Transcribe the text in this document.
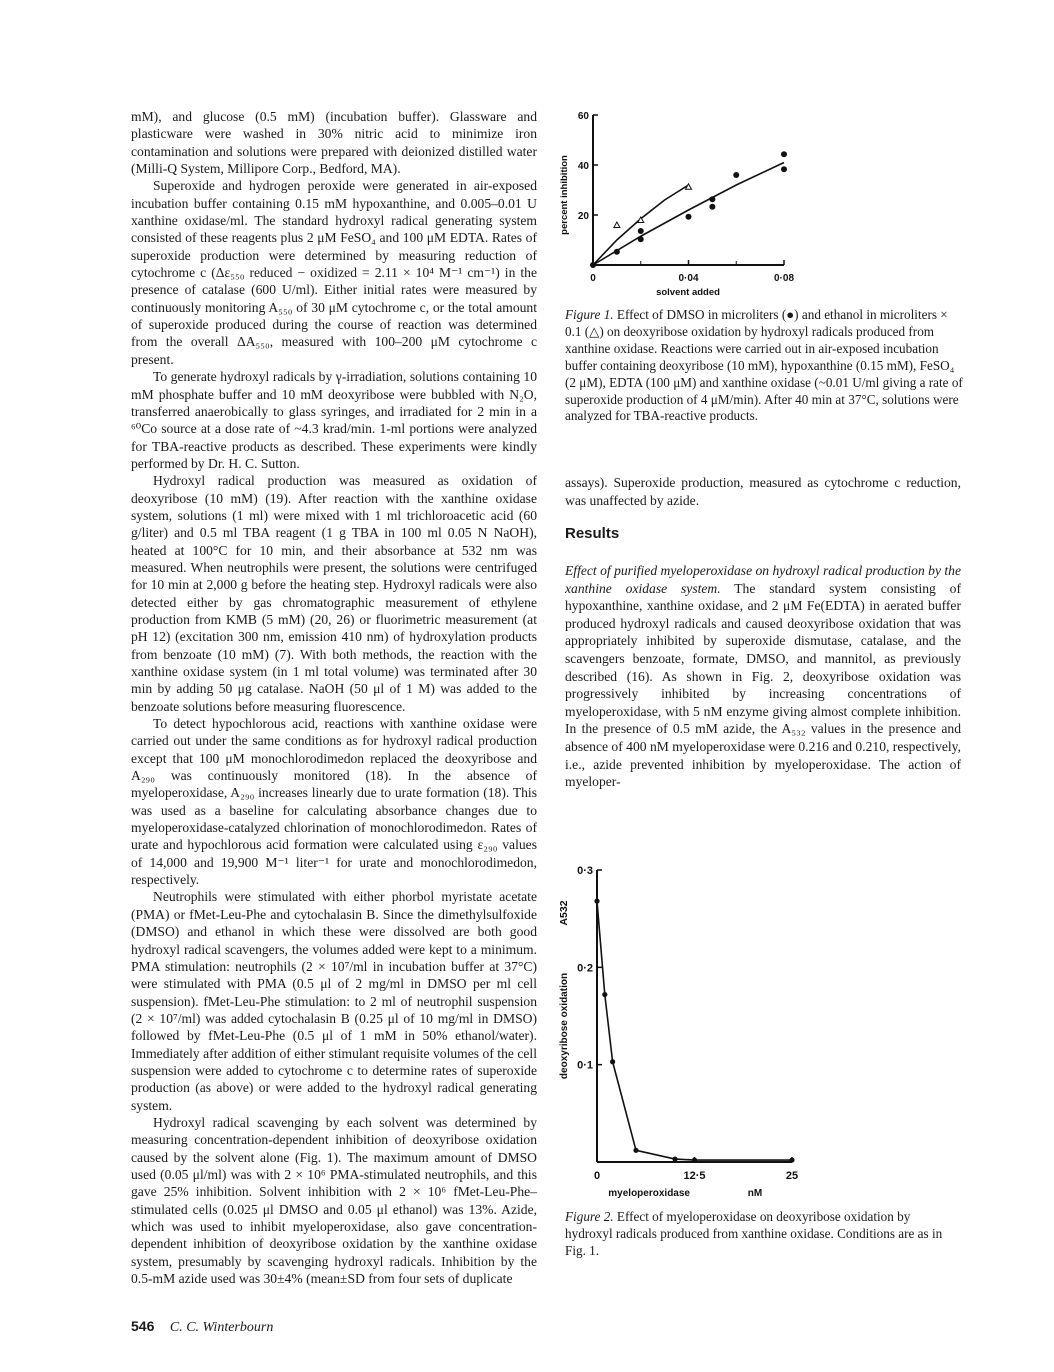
mM), and glucose (0.5 mM) (incubation buffer). Glassware and plasticware were washed in 30% nitric acid to minimize iron contamination and solutions were prepared with deionized distilled water (Milli-Q System, Millipore Corp., Bedford, MA).

Superoxide and hydrogen peroxide were generated in air-exposed incubation buffer containing 0.15 mM hypoxanthine, and 0.005–0.01 U xanthine oxidase/ml. The standard hydroxyl radical generating system consisted of these reagents plus 2 μM FeSO₄ and 100 μM EDTA. Rates of superoxide production were determined by measuring reduction of cytochrome c (Δε₅₅₀ reduced − oxidized = 2.11 × 10⁴ M⁻¹ cm⁻¹) in the presence of catalase (600 U/ml). Either initial rates were measured by continuously monitoring A₅₅₀ of 30 μM cytochrome c, or the total amount of superoxide produced during the course of reaction was determined from the overall ΔA₅₅₀, measured with 100–200 μM cytochrome c present.

To generate hydroxyl radicals by γ-irradiation, solutions containing 10 mM phosphate buffer and 10 mM deoxyribose were bubbled with N₂O, transferred anaerobically to glass syringes, and irradiated for 2 min in a ⁶⁰Co source at a dose rate of ~4.3 krad/min. 1-ml portions were analyzed for TBA-reactive products as described. These experiments were kindly performed by Dr. H. C. Sutton.

Hydroxyl radical production was measured as oxidation of deoxyribose (10 mM) (19). After reaction with the xanthine oxidase system, solutions (1 ml) were mixed with 1 ml trichloroacetic acid (60 g/liter) and 0.5 ml TBA reagent (1 g TBA in 100 ml 0.05 N NaOH), heated at 100°C for 10 min, and their absorbance at 532 nm was measured. When neutrophils were present, the solutions were centrifuged for 10 min at 2,000 g before the heating step. Hydroxyl radicals were also detected either by gas chromatographic measurement of ethylene production from KMB (5 mM) (20, 26) or fluorimetric measurement (at pH 12) (excitation 300 nm, emission 410 nm) of hydroxylation products from benzoate (10 mM) (7). With both methods, the reaction with the xanthine oxidase system (in 1 ml total volume) was terminated after 30 min by adding 50 μg catalase. NaOH (50 μl of 1 M) was added to the benzoate solutions before measuring fluorescence.

To detect hypochlorous acid, reactions with xanthine oxidase were carried out under the same conditions as for hydroxyl radical production except that 100 μM monochlorodimedon replaced the deoxyribose and A₂₉₀ was continuously monitored (18). In the absence of myeloperoxidase, A₂₉₀ increases linearly due to urate formation (18). This was used as a baseline for calculating absorbance changes due to myeloperoxidase-catalyzed chlorination of monochlorodimedon. Rates of urate and hypochlorous acid formation were calculated using ε₂₉₀ values of 14,000 and 19,900 M⁻¹ liter⁻¹ for urate and monochlorodimedon, respectively.

Neutrophils were stimulated with either phorbol myristate acetate (PMA) or fMet-Leu-Phe and cytochalasin B. Since the dimethylsulfoxide (DMSO) and ethanol in which these were dissolved are both good hydroxyl radical scavengers, the volumes added were kept to a minimum. PMA stimulation: neutrophils (2 × 10⁷/ml in incubation buffer at 37°C) were stimulated with PMA (0.5 μl of 2 mg/ml in DMSO per ml cell suspension). fMet-Leu-Phe stimulation: to 2 ml of neutrophil suspension (2 × 10⁷/ml) was added cytochalasin B (0.25 μl of 10 mg/ml in DMSO) followed by fMet-Leu-Phe (0.5 μl of 1 mM in 50% ethanol/water). Immediately after addition of either stimulant requisite volumes of the cell suspension were added to cytochrome c to determine rates of superoxide production (as above) or were added to the hydroxyl radical generating system.

Hydroxyl radical scavenging by each solvent was determined by measuring concentration-dependent inhibition of deoxyribose oxidation caused by the solvent alone (Fig. 1). The maximum amount of DMSO used (0.05 μl/ml) was with 2 × 10⁶ PMA-stimulated neutrophils, and this gave 25% inhibition. Solvent inhibition with 2 × 10⁶ fMet-Leu-Phe–stimulated cells (0.025 μl DMSO and 0.05 μl ethanol) was 13%. Azide, which was used to inhibit myeloperoxidase, also gave concentration-dependent inhibition of deoxyribose oxidation by the xanthine oxidase system, presumably by scavenging hydroxyl radicals. Inhibition by the 0.5-mM azide used was 30±4% (mean±SD from four sets of duplicate

546 C. C. Winterbourn
20
40
60
0	0·04	0·08
solvent added
percent inhibition
Figure 1. Effect of DMSO in microliters (●) and ethanol in microliters × 0.1 (△) on deoxyribose oxidation by hydroxyl radicals produced from xanthine oxidase. Reactions were carried out in air-exposed incubation buffer containing deoxyribose (10 mM), hypoxanthine (0.15 mM), FeSO₄ (2 μM), EDTA (100 μM) and xanthine oxidase (~0.01 U/ml giving a rate of superoxide production of 4 μM/min). After 40 min at 37°C, solutions were analyzed for TBA-reactive products.

assays). Superoxide production, measured as cytochrome c reduction, was unaffected by azide.

Results

Effect of purified myeloperoxidase on hydroxyl radical production by the xanthine oxidase system. The standard system consisting of hypoxanthine, xanthine oxidase, and 2 μM Fe(EDTA) in aerated buffer produced hydroxyl radicals and caused deoxyribose oxidation that was appropriately inhibited by superoxide dismutase, catalase, and the scavengers benzoate, formate, DMSO, and mannitol, as previously described (16). As shown in Fig. 2, deoxyribose oxidation was progressively inhibited by increasing concentrations of myeloperoxidase, with 5 nM enzyme giving almost complete inhibition. In the presence of 0.5 mM azide, the A₅₃₂ values in the presence and absence of 400 nM myeloperoxidase were 0.216 and 0.210, respectively, i.e., azide prevented inhibition by myeloperoxidase. The action of myeloper-

0·1
0·2
0·3
0	12·5	25
myeloperoxidase	nM
deoxyribose oxidation
A532
Figure 2. Effect of myeloperoxidase on deoxyribose oxidation by hydroxyl radicals produced from xanthine oxidase. Conditions are as in Fig. 1.
